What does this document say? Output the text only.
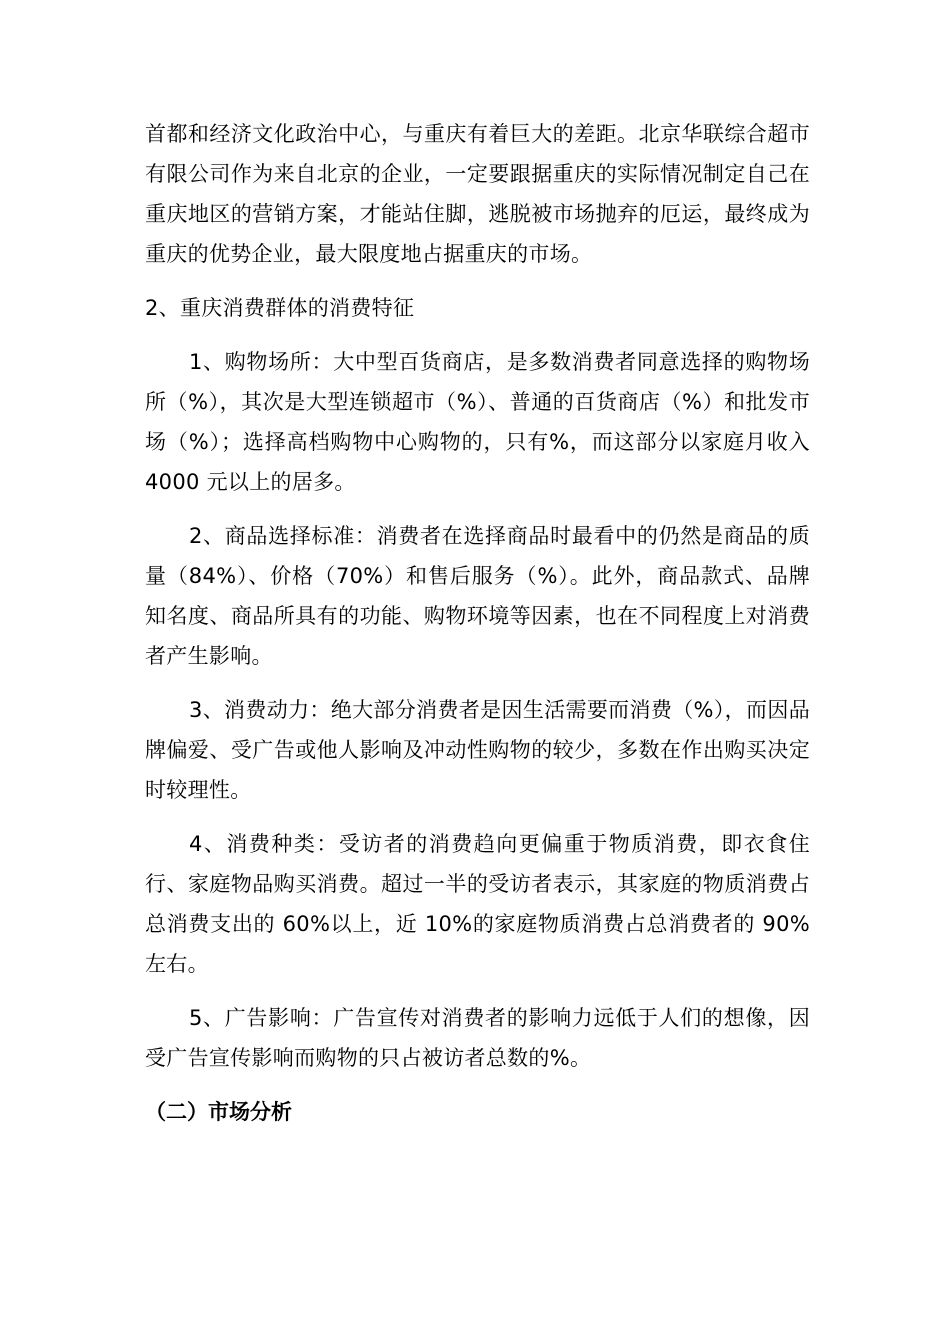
首都和经济文化政治中心，与重庆有着巨大的差距。北京华联综合超市有限公司作为来自北京的企业，一定要跟据重庆的实际情况制定自己在重庆地区的营销方案，才能站住脚，逃脱被市场抛弃的厄运，最终成为重庆的优势企业，最大限度地占据重庆的市场。

2、重庆消费群体的消费特征

1、购物场所：大中型百货商店，是多数消费者同意选择的购物场所（%），其次是大型连锁超市（%）、普通的百货商店（%）和批发市场（%）；选择高档购物中心购物的，只有%，而这部分以家庭月收入 4000 元以上的居多。

2、商品选择标准：消费者在选择商品时最看中的仍然是商品的质量（84%）、价格（70%）和售后服务（%）。此外，商品款式、品牌知名度、商品所具有的功能、购物环境等因素，也在不同程度上对消费者产生影响。

3、消费动力：绝大部分消费者是因生活需要而消费（%），而因品牌偏爱、受广告或他人影响及冲动性购物的较少，多数在作出购买决定时较理性。

4、消费种类：受访者的消费趋向更偏重于物质消费，即衣食住行、家庭物品购买消费。超过一半的受访者表示，其家庭的物质消费占总消费支出的 60%以上，近 10%的家庭物质消费占总消费者的 90%左右。

5、广告影响：广告宣传对消费者的影响力远低于人们的想像，因受广告宣传影响而购物的只占被访者总数的%。

（二）市场分析
